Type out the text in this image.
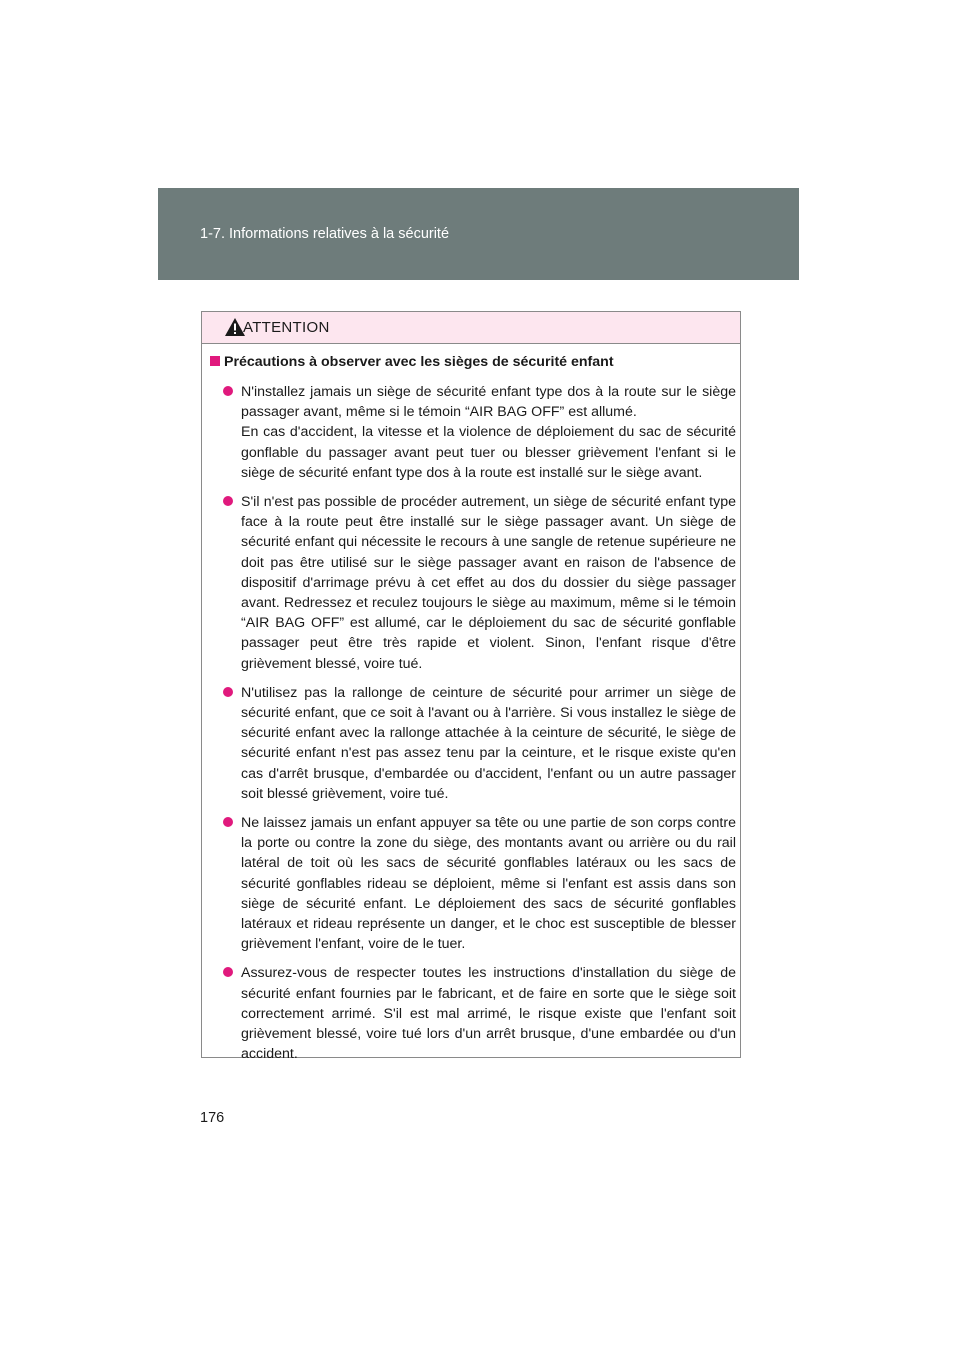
1-7. Informations relatives à la sécurité
ATTENTION
Précautions à observer avec les sièges de sécurité enfant
N'installez jamais un siège de sécurité enfant type dos à la route sur le siège passager avant, même si le témoin “AIR BAG OFF” est allumé.
En cas d'accident, la vitesse et la violence de déploiement du sac de sécurité gonflable du passager avant peut tuer ou blesser grièvement l'enfant si le siège de sécurité enfant type dos à la route est installé sur le siège avant.
S'il n'est pas possible de procéder autrement, un siège de sécurité enfant type face à la route peut être installé sur le siège passager avant. Un siège de sécurité enfant qui nécessite le recours à une sangle de retenue supérieure ne doit pas être utilisé sur le siège passager avant en raison de l'absence de dispositif d'arrimage prévu à cet effet au dos du dossier du siège passager avant. Redressez et reculez toujours le siège au maximum, même si le témoin “AIR BAG OFF” est allumé, car le déploiement du sac de sécurité gonflable passager peut être très rapide et violent. Sinon, l'enfant risque d'être grièvement blessé, voire tué.
N'utilisez pas la rallonge de ceinture de sécurité pour arrimer un siège de sécurité enfant, que ce soit à l'avant ou à l'arrière. Si vous installez le siège de sécurité enfant avec la rallonge attachée à la ceinture de sécurité, le siège de sécurité enfant n'est pas assez tenu par la ceinture, et le risque existe qu'en cas d'arrêt brusque, d'embardée ou d'accident, l'enfant ou un autre passager soit blessé grièvement, voire tué.
Ne laissez jamais un enfant appuyer sa tête ou une partie de son corps contre la porte ou contre la zone du siège, des montants avant ou arrière ou du rail latéral de toit où les sacs de sécurité gonflables latéraux ou les sacs de sécurité gonflables rideau se déploient, même si l'enfant est assis dans son siège de sécurité enfant. Le déploiement des sacs de sécurité gonflables latéraux et rideau représente un danger, et le choc est susceptible de blesser grièvement l'enfant, voire de le tuer.
Assurez-vous de respecter toutes les instructions d'installation du siège de sécurité enfant fournies par le fabricant, et de faire en sorte que le siège soit correctement arrimé. S'il est mal arrimé, le risque existe que l'enfant soit grièvement blessé, voire tué lors d'un arrêt brusque, d'une embardée ou d'un accident.
176
